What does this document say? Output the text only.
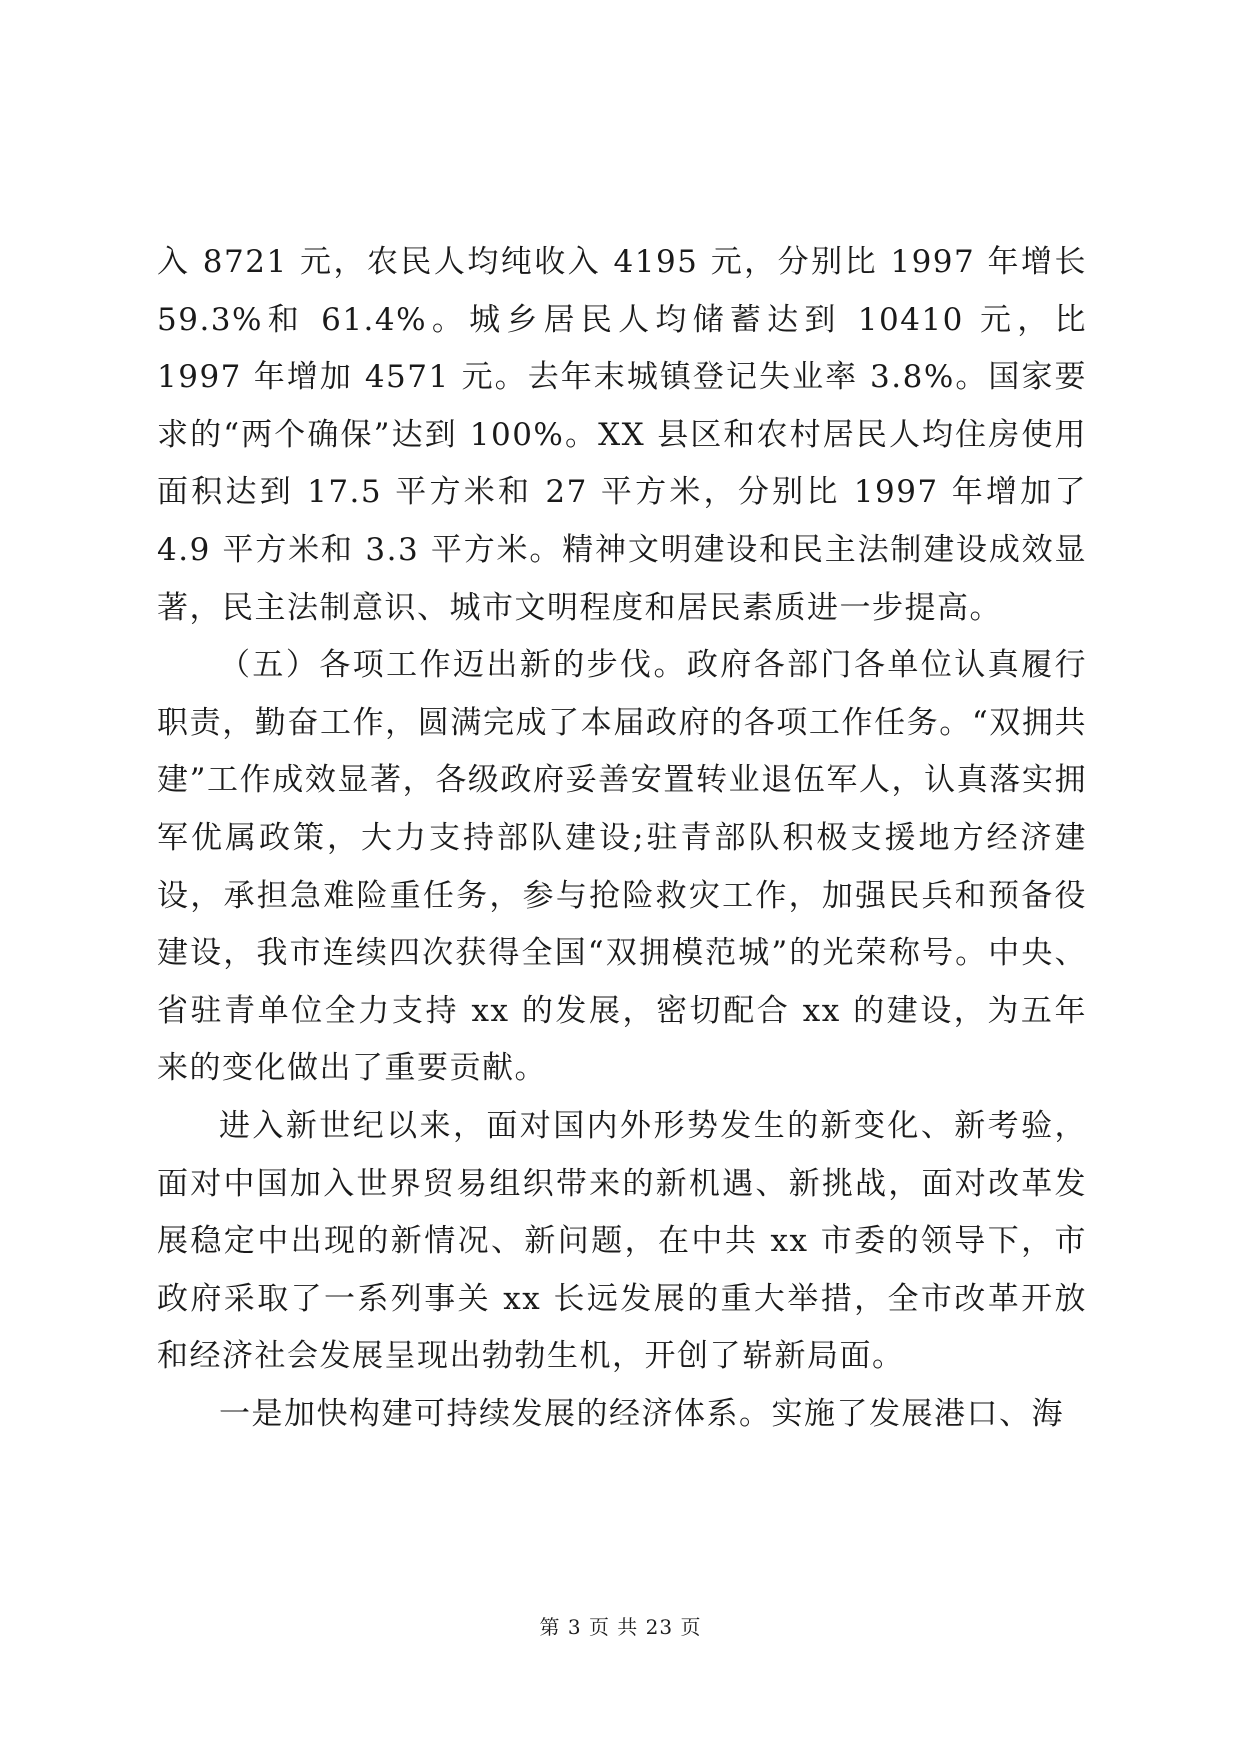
入 8721 元，农民人均纯收入 4195 元，分别比 1997 年增长 59.3%和 61.4%。城乡居民人均储蓄达到 10410 元，比 1997 年增加 4571 元。去年末城镇登记失业率 3.8%。国家要求的“两个确保”达到 100%。XX 县区和农村居民人均住房使用面积达到 17.5 平方米和 27 平方米，分别比 1997 年增加了 4.9 平方米和 3.3 平方米。精神文明建设和民主法制建设成效显著，民主法制意识、城市文明程度和居民素质进一步提高。

（五）各项工作迈出新的步伐。政府各部门各单位认真履行职责，勤奋工作，圆满完成了本届政府的各项工作任务。“双拥共建”工作成效显著，各级政府妥善安置转业退伍军人，认真落实拥军优属政策，大力支持部队建设;驻青部队积极支援地方经济建设，承担急难险重任务，参与抢险救灾工作，加强民兵和预备役建设，我市连续四次获得全国“双拥模范城”的光荣称号。中央、省驻青单位全力支持 xx 的发展，密切配合 xx 的建设，为五年来的变化做出了重要贡献。

进入新世纪以来，面对国内外形势发生的新变化、新考验，面对中国加入世界贸易组织带来的新机遇、新挑战，面对改革发展稳定中出现的新情况、新问题，在中共 xx 市委的领导下，市政府采取了一系列事关 xx 长远发展的重大举措，全市改革开放和经济社会发展呈现出勃勃生机，开创了崭新局面。

一是加快构建可持续发展的经济体系。实施了发展港口、海

第 3 页 共 23 页
